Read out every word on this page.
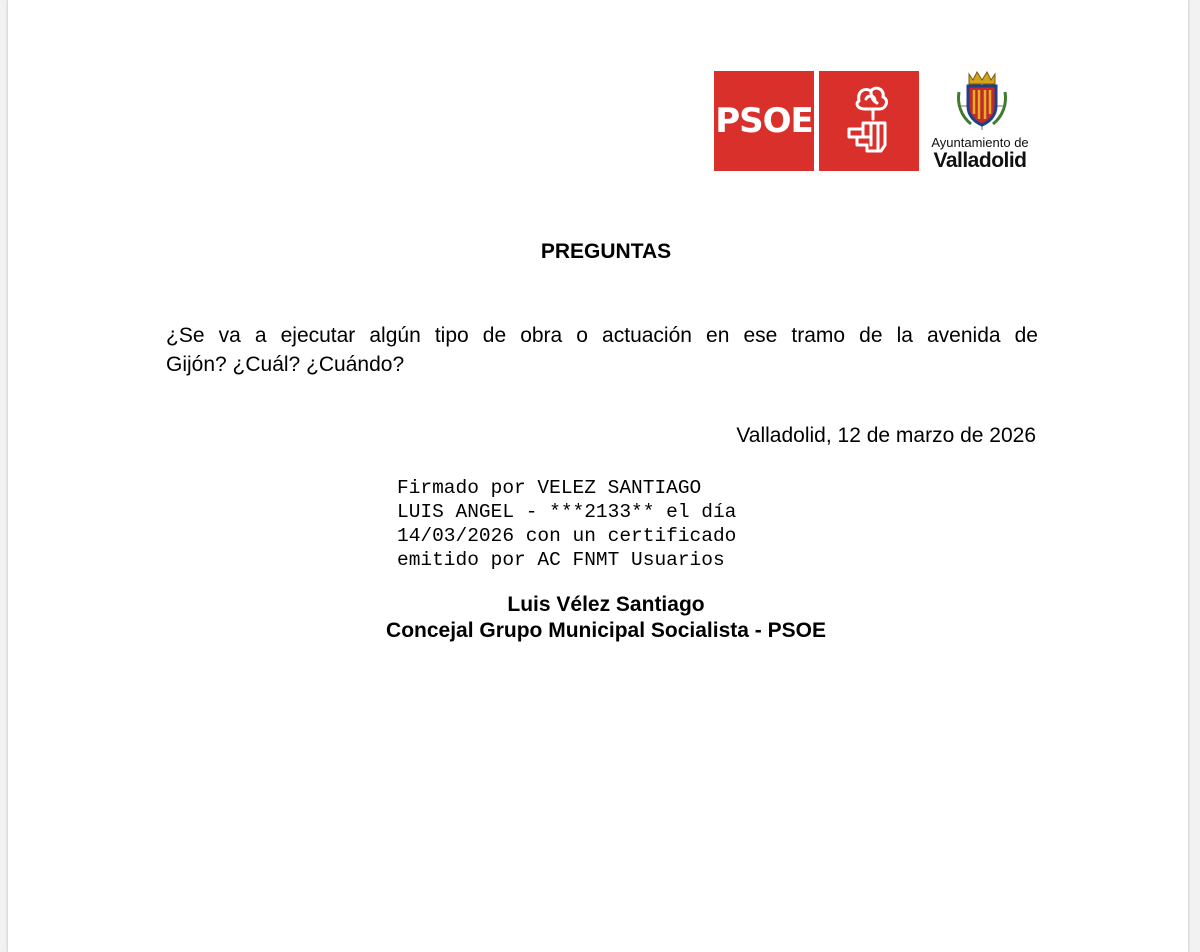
PSOE
Ayuntamiento de
Valladolid
PREGUNTAS

¿Se va a ejecutar algún tipo de obra o actuación en ese tramo de la avenida de
Gijón? ¿Cuál? ¿Cuándo?

Valladolid, 12 de marzo de 2026
Firmado por VELEZ SANTIAGO
LUIS ANGEL - ***2133** el día
14/03/2026 con un certificado
emitido por AC FNMT Usuarios
Luis Vélez Santiago
Concejal Grupo Municipal Socialista - PSOE
